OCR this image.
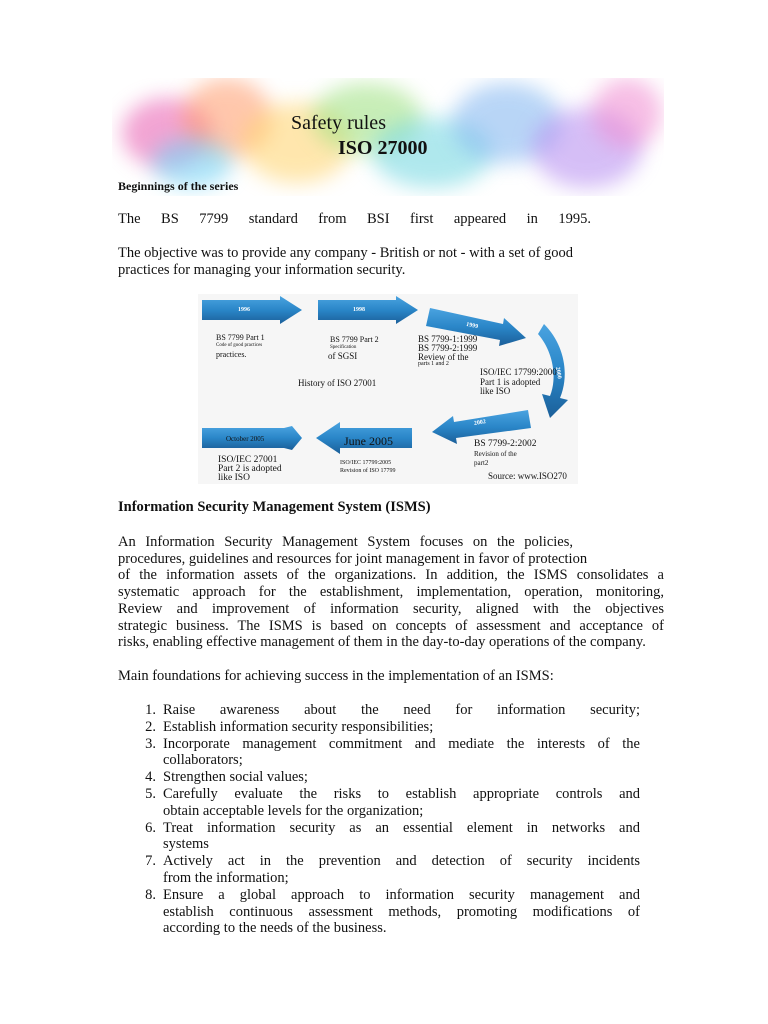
Safety rules
ISO 27000
Beginnings of the series
The BS 7799 standard from BSI first appeared in 1995.
The objective was to provide any company - British or not - with a set of good
practices for managing your information security.
1996	1998
1999
2000
2002
June 2005
October 2005
BS 7799 Part 1
Code of good practices
practices.
BS 7799 Part 2
Specification
of SGSI
BS 7799-1:1999
BS 7799-2:1999
Review of the
parts 1 and 2
ISO/IEC 17799:2000
Part 1 is adopted
like ISO
History of ISO 27001
BS 7799-2:2002
Revision of the
part2
Source: www.ISO270
ISO/IEC 17799:2005
Revision of ISO 17799
ISO/IEC 27001
Part 2 is adopted
like ISO
Information Security Management System (ISMS)
An Information Security Management System focuses on the policies,
procedures, guidelines and resources for joint management in favor of protection
of the information assets of the organizations. In addition, the ISMS consolidates a
systematic approach for the establishment, implementation, operation, monitoring,
Review and improvement of information security, aligned with the objectives
strategic business. The ISMS is based on concepts of assessment and acceptance of
risks, enabling effective management of them in the day-to-day operations of the company.
Main foundations for achieving success in the implementation of an ISMS:
1. Raise awareness about the need for information security;
2. Establish information security responsibilities;
3. Incorporate management commitment and mediate the interests of the
collaborators;
4. Strengthen social values;
5. Carefully evaluate the risks to establish appropriate controls and
obtain acceptable levels for the organization;
6. Treat information security as an essential element in networks and
systems
7. Actively act in the prevention and detection of security incidents
from the information;
8. Ensure a global approach to information security management and
establish continuous assessment methods, promoting modifications of
according to the needs of the business.
